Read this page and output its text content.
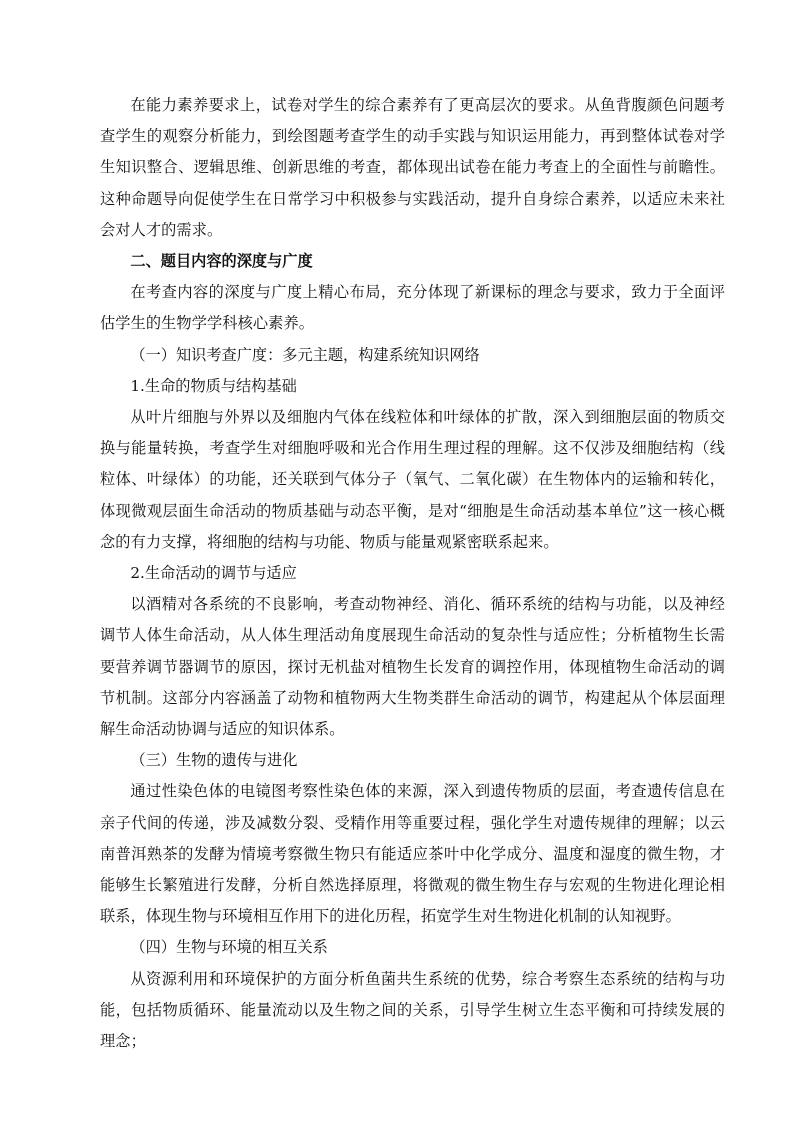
在能力素养要求上，试卷对学生的综合素养有了更高层次的要求。从鱼背腹颜色问题考查学生的观察分析能力，到绘图题考查学生的动手实践与知识运用能力，再到整体试卷对学生知识整合、逻辑思维、创新思维的考查，都体现出试卷在能力考查上的全面性与前瞻性。这种命题导向促使学生在日常学习中积极参与实践活动，提升自身综合素养，以适应未来社会对人才的需求。

二、题目内容的深度与广度

在考查内容的深度与广度上精心布局，充分体现了新课标的理念与要求，致力于全面评估学生的生物学学科核心素养。

（一）知识考查广度：多元主题，构建系统知识网络

1.生命的物质与结构基础

从叶片细胞与外界以及细胞内气体在线粒体和叶绿体的扩散，深入到细胞层面的物质交换与能量转换，考查学生对细胞呼吸和光合作用生理过程的理解。这不仅涉及细胞结构（线粒体、叶绿体）的功能，还关联到气体分子（氧气、二氧化碳）在生物体内的运输和转化，体现微观层面生命活动的物质基础与动态平衡，是对“细胞是生命活动基本单位”这一核心概念的有力支撑，将细胞的结构与功能、物质与能量观紧密联系起来。

2.生命活动的调节与适应

以酒精对各系统的不良影响，考查动物神经、消化、循环系统的结构与功能，以及神经调节人体生命活动，从人体生理活动角度展现生命活动的复杂性与适应性；分析植物生长需要营养调节器调节的原因，探讨无机盐对植物生长发育的调控作用，体现植物生命活动的调节机制。这部分内容涵盖了动物和植物两大生物类群生命活动的调节，构建起从个体层面理解生命活动协调与适应的知识体系。

（三）生物的遗传与进化

通过性染色体的电镜图考察性染色体的来源，深入到遗传物质的层面，考查遗传信息在亲子代间的传递，涉及减数分裂、受精作用等重要过程，强化学生对遗传规律的理解；以云南普洱熟茶的发酵为情境考察微生物只有能适应茶叶中化学成分、温度和湿度的微生物，才能够生长繁殖进行发酵，分析自然选择原理，将微观的微生物生存与宏观的生物进化理论相联系，体现生物与环境相互作用下的进化历程，拓宽学生对生物进化机制的认知视野。

（四）生物与环境的相互关系

从资源利用和环境保护的方面分析鱼菌共生系统的优势，综合考察生态系统的结构与功能，包括物质循环、能量流动以及生物之间的关系，引导学生树立生态平衡和可持续发展的理念；
